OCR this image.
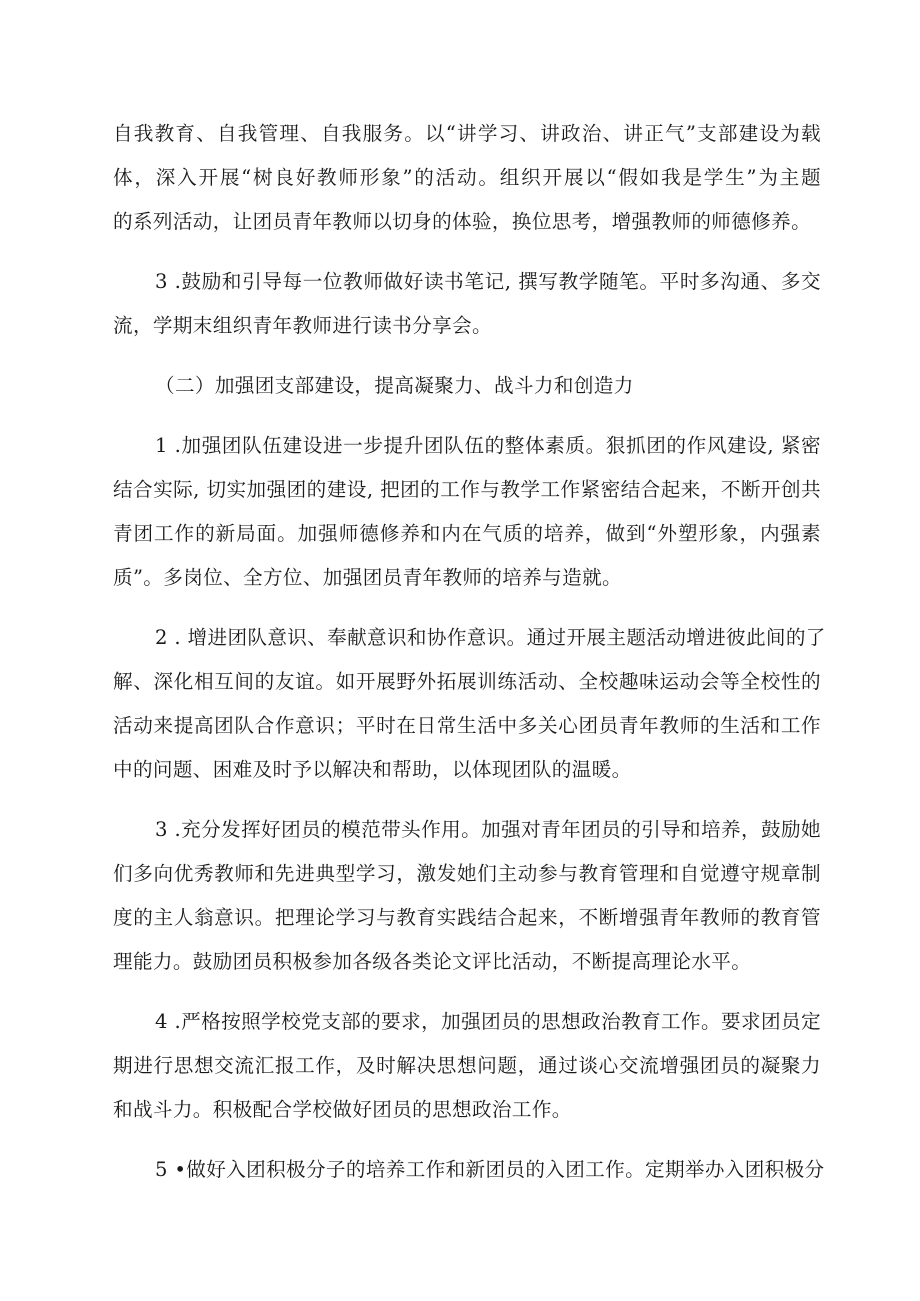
自我教育、自我管理、自我服务。以“讲学习、讲政治、讲正气”支部建设为载
体，深入开展“树良好教师形象”的活动。组织开展以“假如我是学生”为主题
的系列活动，让团员青年教师以切身的体验，换位思考，增强教师的师德修养。

3 .鼓励和引导每一位教师做好读书笔记, 撰写教学随笔。平时多沟通、多交
流，学期末组织青年教师进行读书分享会。

（二）加强团支部建设，提高凝聚力、战斗力和创造力

1 .加强团队伍建设进一步提升团队伍的整体素质。狠抓团的作风建设, 紧密
结合实际, 切实加强团的建设, 把团的工作与教学工作紧密结合起来，不断开创共
青团工作的新局面。加强师德修养和内在气质的培养，做到“外塑形象，内强素
质”。多岗位、全方位、加强团员青年教师的培养与造就。

2 . 增进团队意识、奉献意识和协作意识。通过开展主题活动增进彼此间的了
解、深化相互间的友谊。如开展野外拓展训练活动、全校趣味运动会等全校性的
活动来提高团队合作意识；平时在日常生活中多关心团员青年教师的生活和工作
中的问题、困难及时予以解决和帮助，以体现团队的温暖。

3 .充分发挥好团员的模范带头作用。加强对青年团员的引导和培养，鼓励她
们多向优秀教师和先进典型学习，激发她们主动参与教育管理和自觉遵守规章制
度的主人翁意识。把理论学习与教育实践结合起来，不断增强青年教师的教育管
理能力。鼓励团员积极参加各级各类论文评比活动，不断提高理论水平。

4 .严格按照学校党支部的要求，加强团员的思想政治教育工作。要求团员定
期进行思想交流汇报工作，及时解决思想问题，通过谈心交流增强团员的凝聚力
和战斗力。积极配合学校做好团员的思想政治工作。

5 •做好入团积极分子的培养工作和新团员的入团工作。定期举办入团积极分
